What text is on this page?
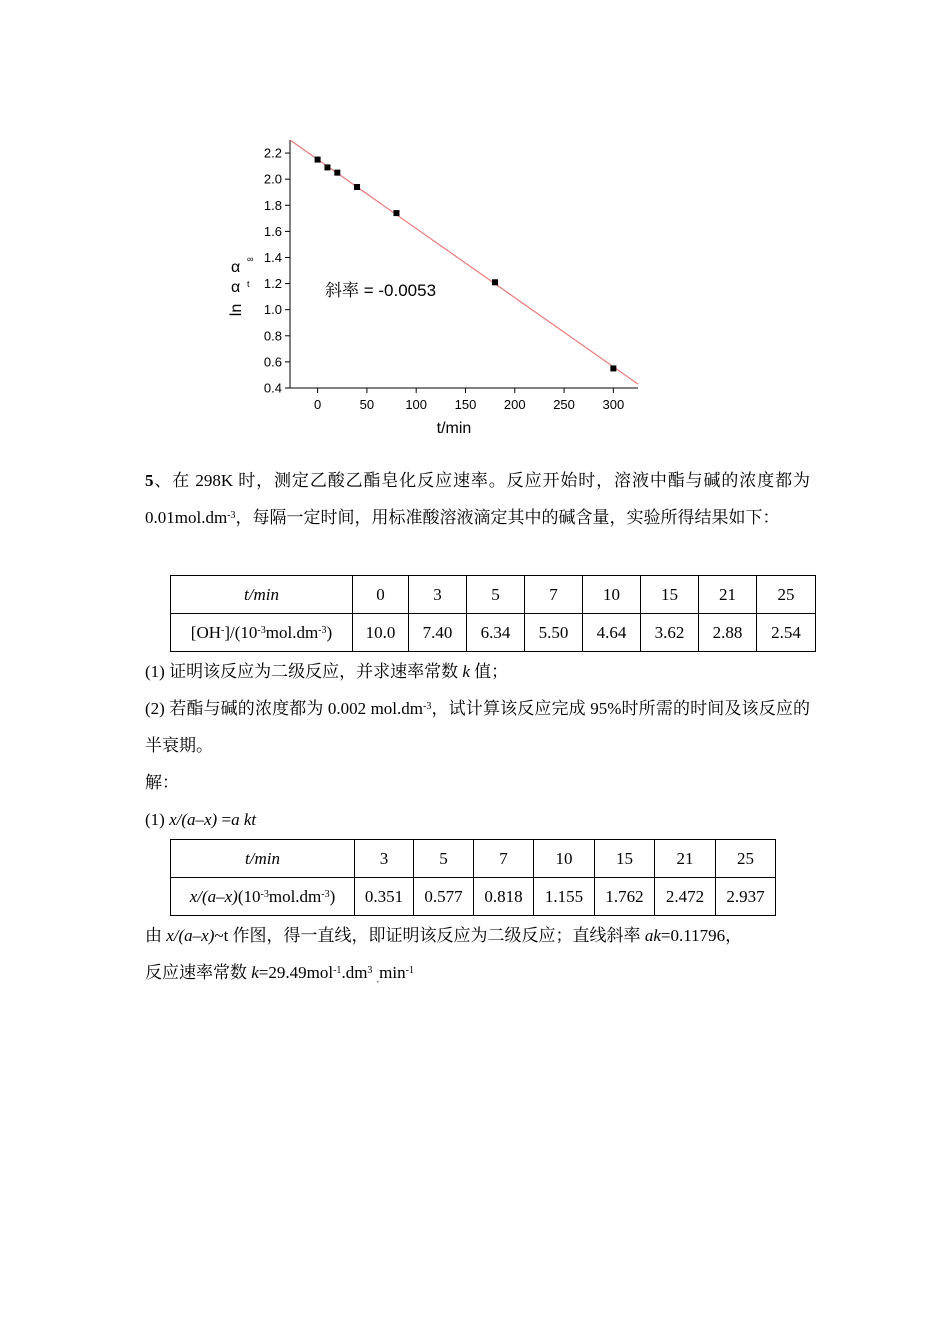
0.4
0.6
0.8
1.0
1.2
1.4
1.6
1.8
2.0
2.2
0	50 100 150 200 250 300
斜率 = -0.0053
t/min
α ∞
α t
ln

5、在 298K 时，测定乙酸乙酯皂化反应速率。反应开始时，溶液中酯与碱的浓度都为 $0.01mol.dm^{-3}$，每隔一定时间，用标准酸溶液滴定其中的碱含量，实验所得结果如下：

t/min	0	3	5	7	10	15	21	25
$[OH^-]/(10^{-3}mol.dm^{-3})$	10.0	7.40	6.34	5.50	4.64	3.62	2.88	2.54

(1) 证明该反应为二级反应，并求速率常数 k 值；

(2) 若酯与碱的浓度都为 0.002 $mol.dm^{-3}$，试计算该反应完成 95%时所需的时间及该反应的半衰期。

解：

(1) x/(a–x) =a kt

t/min	3	5	7	10	15	21	25
$x/(a-x)(10^{-3}mol.dm^{-3})$	0.351	0.577	0.818	1.155	1.762	2.472	2.937

由 x/(a–x)~t 作图，得一直线，即证明该反应为二级反应；直线斜率 ak=0.11796，
反应速率常数 $k=29.49mol^{-1}.dm^3$ $_.\min^{-1}$
